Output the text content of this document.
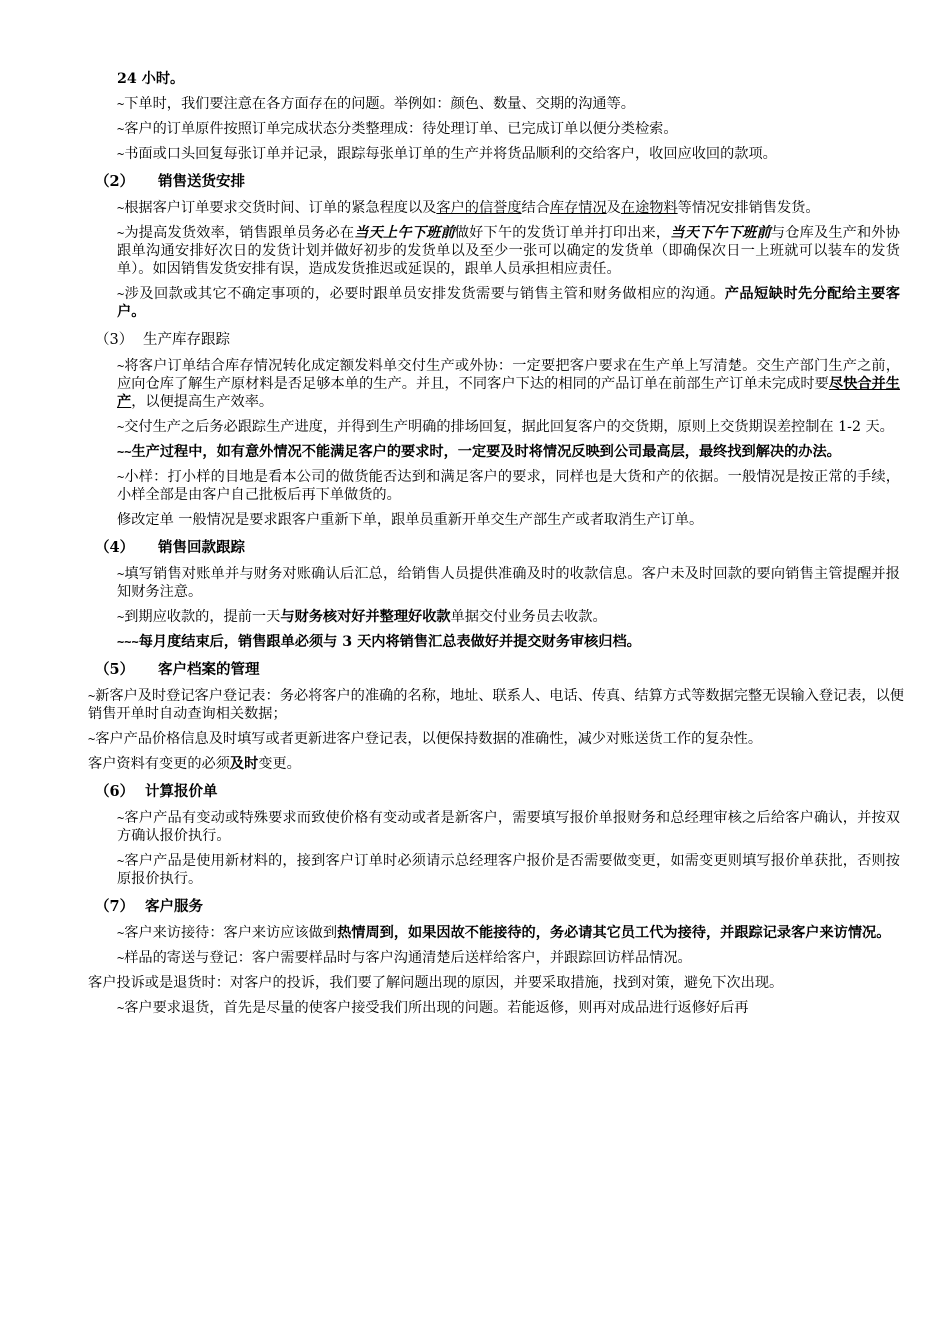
24 小时。

~下单时，我们要注意在各方面存在的问题。举例如：颜色、数量、交期的沟通等。

~客户的订单原件按照订单完成状态分类整理成：待处理订单、已完成订单以便分类检索。

~书面或口头回复每张订单并记录，跟踪每张单订单的生产并将货品顺利的交给客户，收回应收回的款项。

（2） 销售送货安排

~根据客户订单要求交货时间、订单的紧急程度以及客户的信誉度结合库存情况及在途物料等情况安排销售发货。

~为提高发货效率，销售跟单员务必在当天上午下班前做好下午的发货订单并打印出来，当天下午下班前与仓库及生产和外协跟单沟通安排好次日的发货计划并做好初步的发货单以及至少一张可以确定的发货单（即确保次日一上班就可以装车的发货单）。如因销售发货安排有误，造成发货推迟或延误的，跟单人员承担相应责任。

~涉及回款或其它不确定事项的，必要时跟单员安排发货需要与销售主管和财务做相应的沟通。产品短缺时先分配给主要客户。

（3） 生产库存跟踪

~将客户订单结合库存情况转化成定额发料单交付生产或外协：一定要把客户要求在生产单上写清楚。交生产部门生产之前，应向仓库了解生产原材料是否足够本单的生产。并且，不同客户下达的相同的产品订单在前部生产订单未完成时要尽快合并生产，以便提高生产效率。

~交付生产之后务必跟踪生产进度，并得到生产明确的排场回复，据此回复客户的交货期，原则上交货期误差控制在 1-2 天。

~~生产过程中，如有意外情况不能满足客户的要求时，一定要及时将情况反映到公司最高层，最终找到解决的办法。

~小样：打小样的目地是看本公司的做货能否达到和满足客户的要求，同样也是大货和产的依据。一般情况是按正常的手续，小样全部是由客户自己批板后再下单做货的。

修改定单 一般情况是要求跟客户重新下单，跟单员重新开单交生产部生产或者取消生产订单。

（4） 销售回款跟踪

~填写销售对账单并与财务对账确认后汇总，给销售人员提供准确及时的收款信息。客户未及时回款的要向销售主管提醒并报知财务注意。

~到期应收款的，提前一天与财务核对好并整理好收款单据交付业务员去收款。

~~~每月度结束后，销售跟单必须与 3 天内将销售汇总表做好并提交财务审核归档。

（5） 客户档案的管理

~新客户及时登记客户登记表：务必将客户的准确的名称，地址、联系人、电话、传真、结算方式等数据完整无误输入登记表，以便销售开单时自动查询相关数据；

~客户产品价格信息及时填写或者更新进客户登记表，以便保持数据的准确性，减少对账送货工作的复杂性。

客户资料有变更的必须及时变更。

（6） 计算报价单

~客户产品有变动或特殊要求而致使价格有变动或者是新客户，需要填写报价单报财务和总经理审核之后给客户确认，并按双方确认报价执行。

~客户产品是使用新材料的，接到客户订单时必须请示总经理客户报价是否需要做变更，如需变更则填写报价单获批，否则按原报价执行。

（7） 客户服务

~客户来访接待：客户来访应该做到热情周到，如果因故不能接待的，务必请其它员工代为接待，并跟踪记录客户来访情况。

~样品的寄送与登记：客户需要样品时与客户沟通清楚后送样给客户，并跟踪回访样品情况。

客户投诉或是退货时：对客户的投诉，我们要了解问题出现的原因，并要采取措施，找到对策，避免下次出现。

~客户要求退货，首先是尽量的使客户接受我们所出现的问题。若能返修，则再对成品进行返修好后再
